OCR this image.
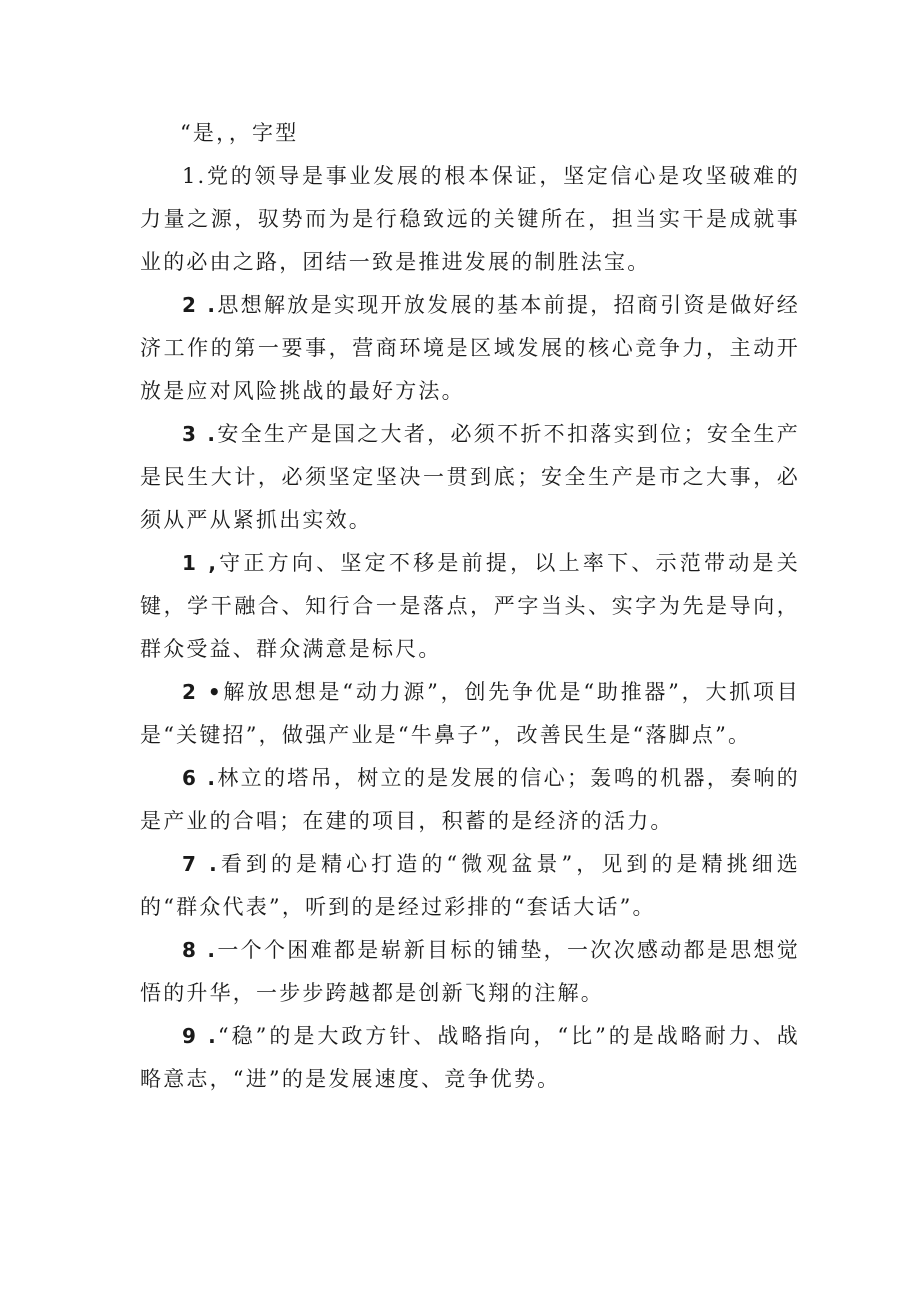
“是，，字型

1.党的领导是事业发展的根本保证，坚定信心是攻坚破难的力量之源，驭势而为是行稳致远的关键所在，担当实干是成就事业的必由之路，团结一致是推进发展的制胜法宝。

2 .思想解放是实现开放发展的基本前提，招商引资是做好经济工作的第一要事，营商环境是区域发展的核心竞争力，主动开放是应对风险挑战的最好方法。

3 .安全生产是国之大者，必须不折不扣落实到位；安全生产是民生大计，必须坚定坚决一贯到底；安全生产是市之大事，必须从严从紧抓出实效。

1 ,守正方向、坚定不移是前提，以上率下、示范带动是关键，学干融合、知行合一是落点，严字当头、实字为先是导向，群众受益、群众满意是标尺。

2 •解放思想是“动力源”，创先争优是“助推器”，大抓项目是“关键招”，做强产业是“牛鼻子”，改善民生是“落脚点”。

6 .林立的塔吊，树立的是发展的信心；轰鸣的机器，奏响的是产业的合唱；在建的项目，积蓄的是经济的活力。

7 .看到的是精心打造的“微观盆景”，见到的是精挑细选的“群众代表”，听到的是经过彩排的“套话大话”。

8 .一个个困难都是崭新目标的铺垫，一次次感动都是思想觉悟的升华，一步步跨越都是创新飞翔的注解。

9 .“稳”的是大政方针、战略指向，“比”的是战略耐力、战略意志，“进”的是发展速度、竞争优势。
